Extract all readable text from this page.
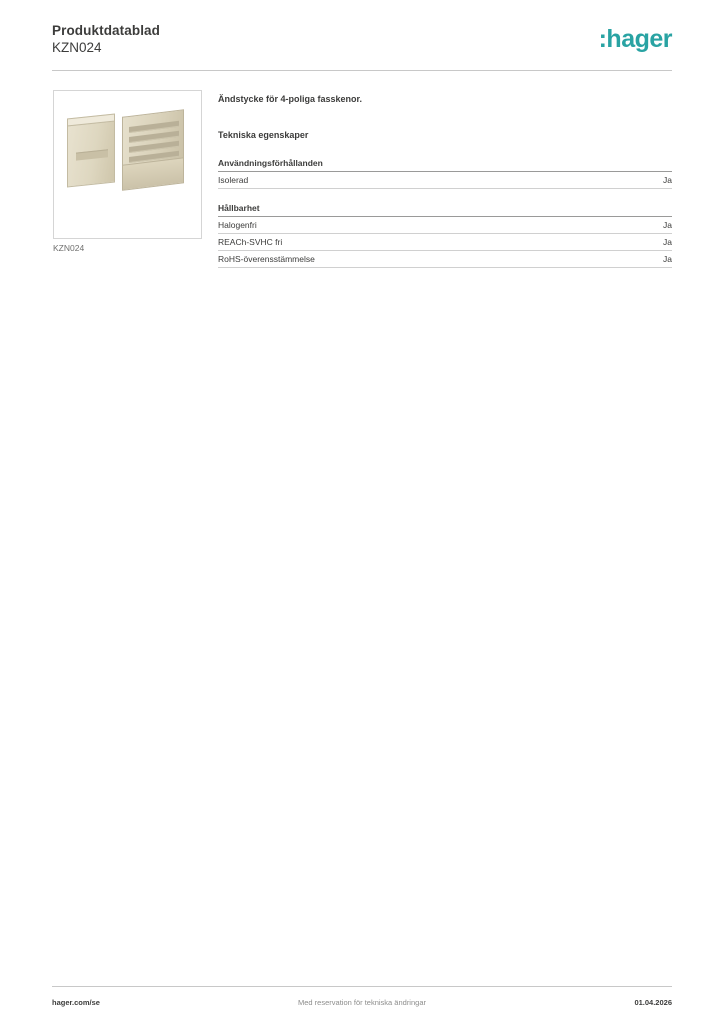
Produktdatablad
KZN024	:hager
KZN024
Ändstycke för 4-poliga fasskenor.
Tekniska egenskaper
Användningsförhållanden
Isolerad	Ja
Hållbarhet
Halogenfri	Ja
REACh-SVHC fri	Ja
RoHS-överensstämmelse	Ja
hager.com/se	Med reservation för tekniska ändringar	01.04.2026
